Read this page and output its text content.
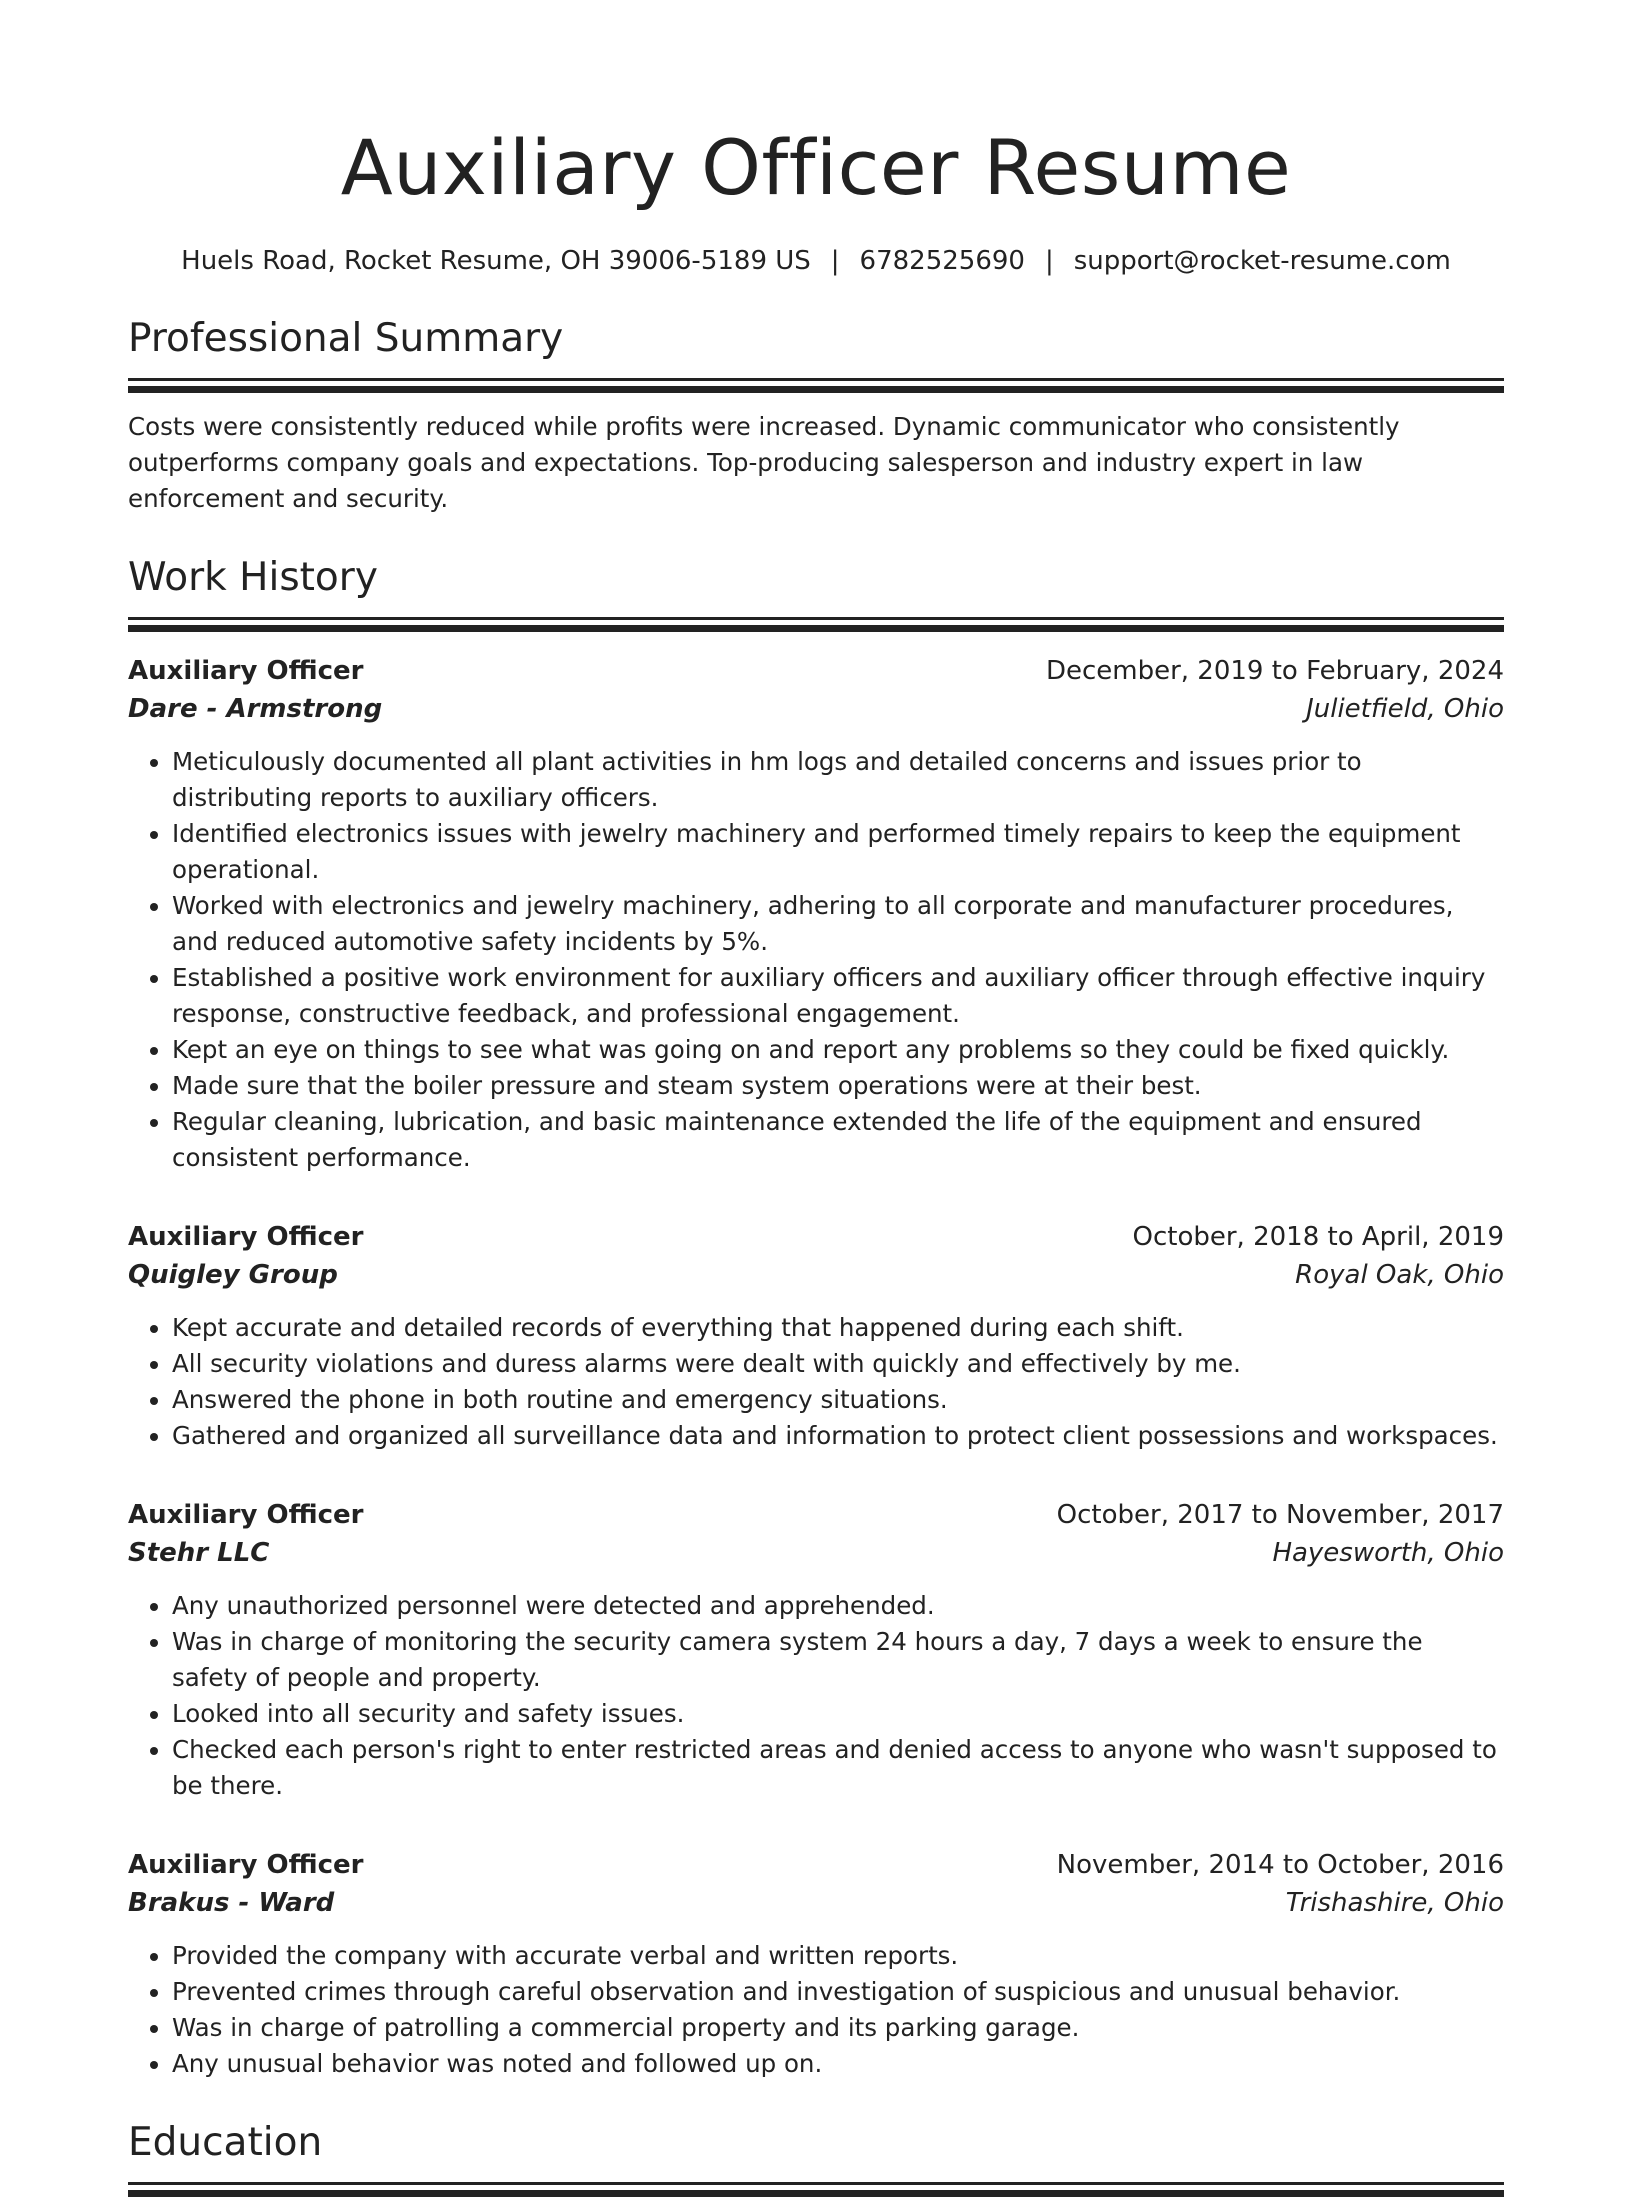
Auxiliary Officer Resume
Huels Road, Rocket Resume, OH 39006-5189 US | 6782525690 | support@rocket-resume.com
Professional Summary
Costs were consistently reduced while profits were increased. Dynamic communicator who consistently outperforms company goals and expectations. Top-producing salesperson and industry expert in law enforcement and security.
Work History
Auxiliary Officer	December, 2019 to February, 2024
Dare - Armstrong	Julietfield, Ohio
• Meticulously documented all plant activities in hm logs and detailed concerns and issues prior to distributing reports to auxiliary officers.
• Identified electronics issues with jewelry machinery and performed timely repairs to keep the equipment operational.
• Worked with electronics and jewelry machinery, adhering to all corporate and manufacturer procedures, and reduced automotive safety incidents by 5%.
• Established a positive work environment for auxiliary officers and auxiliary officer through effective inquiry response, constructive feedback, and professional engagement.
• Kept an eye on things to see what was going on and report any problems so they could be fixed quickly.
• Made sure that the boiler pressure and steam system operations were at their best.
• Regular cleaning, lubrication, and basic maintenance extended the life of the equipment and ensured consistent performance.
Auxiliary Officer	October, 2018 to April, 2019
Quigley Group	Royal Oak, Ohio
• Kept accurate and detailed records of everything that happened during each shift.
• All security violations and duress alarms were dealt with quickly and effectively by me.
• Answered the phone in both routine and emergency situations.
• Gathered and organized all surveillance data and information to protect client possessions and workspaces.
Auxiliary Officer	October, 2017 to November, 2017
Stehr LLC	Hayesworth, Ohio
• Any unauthorized personnel were detected and apprehended.
• Was in charge of monitoring the security camera system 24 hours a day, 7 days a week to ensure the safety of people and property.
• Looked into all security and safety issues.
• Checked each person's right to enter restricted areas and denied access to anyone who wasn't supposed to be there.
Auxiliary Officer	November, 2014 to October, 2016
Brakus - Ward	Trishashire, Ohio
• Provided the company with accurate verbal and written reports.
• Prevented crimes through careful observation and investigation of suspicious and unusual behavior.
• Was in charge of patrolling a commercial property and its parking garage.
• Any unusual behavior was noted and followed up on.
Education
